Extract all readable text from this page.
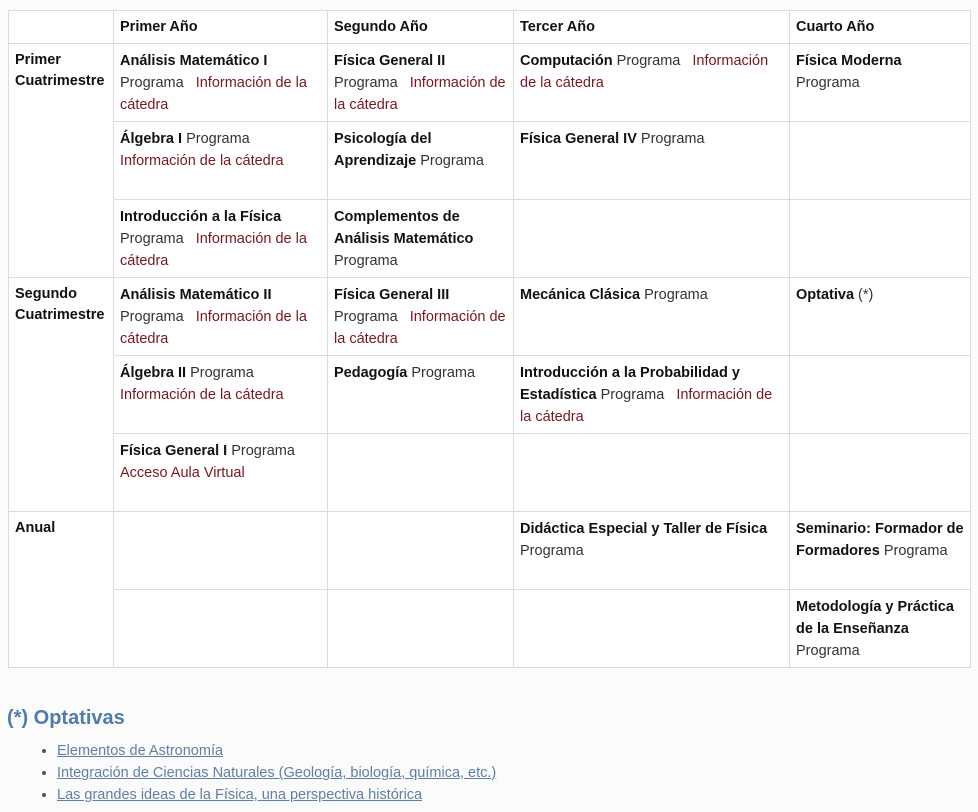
	Primer Año	Segundo Año	Tercer Año	Cuarto Año
Primer
Cuatrimestre	Análisis Matemático I Programa Información de la cátedra	Física General II Programa Información de la cátedra	Computación Programa Información de la cátedra	Física Moderna Programa
	Álgebra I Programa Información de la cátedra	Psicología del Aprendizaje Programa	Física General IV Programa	
	Introducción a la Física Programa Información de la cátedra	Complementos de Análisis Matemático Programa		
Segundo
Cuatrimestre	Análisis Matemático II Programa Información de la cátedra	Física General III Programa Información de la cátedra	Mecánica Clásica Programa	Optativa (*)
	Álgebra II Programa Información de la cátedra	Pedagogía Programa	Introducción a la Probabilidad y Estadística Programa Información de la cátedra	
	Física General I Programa Acceso Aula Virtual			
Anual			Didáctica Especial y Taller de Física Programa	Seminario: Formador de Formadores Programa
				Metodología y Práctica de la Enseñanza Programa
(*) Optativas
• Elementos de Astronomía
• Integración de Ciencias Naturales (Geología, biología, química, etc.)
• Las grandes ideas de la Física, una perspectiva histórica
